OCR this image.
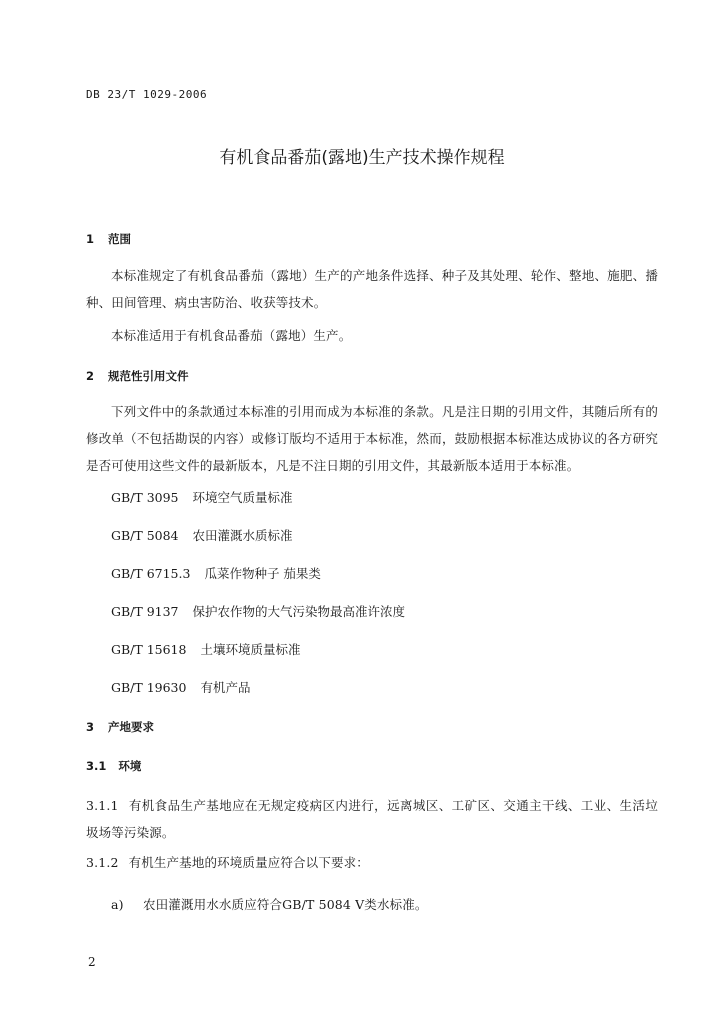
DB 23/T 1029-2006
有机食品番茄(露地)生产技术操作规程
1 范围
本标准规定了有机食品番茄（露地）生产的产地条件选择、种子及其处理、轮作、整地、施肥、播种、田间管理、病虫害防治、收获等技术。
本标准适用于有机食品番茄（露地）生产。
2 规范性引用文件
下列文件中的条款通过本标准的引用而成为本标准的条款。凡是注日期的引用文件，其随后所有的修改单（不包括勘误的内容）或修订版均不适用于本标准，然而，鼓励根据本标准达成协议的各方研究是否可使用这些文件的最新版本，凡是不注日期的引用文件，其最新版本适用于本标准。
GB/T 3095 环境空气质量标准
GB/T 5084 农田灌溉水质标准
GB/T 6715.3 瓜菜作物种子 茄果类
GB/T 9137 保护农作物的大气污染物最高准许浓度
GB/T 15618 土壤环境质量标准
GB/T 19630 有机产品
3 产地要求
3.1 环境
3.1.1 有机食品生产基地应在无规定疫病区内进行，远离城区、工矿区、交通主干线、工业、生活垃圾场等污染源。
3.1.2 有机生产基地的环境质量应符合以下要求：
a) 农田灌溉用水水质应符合GB/T 5084 V类水标准。
2
